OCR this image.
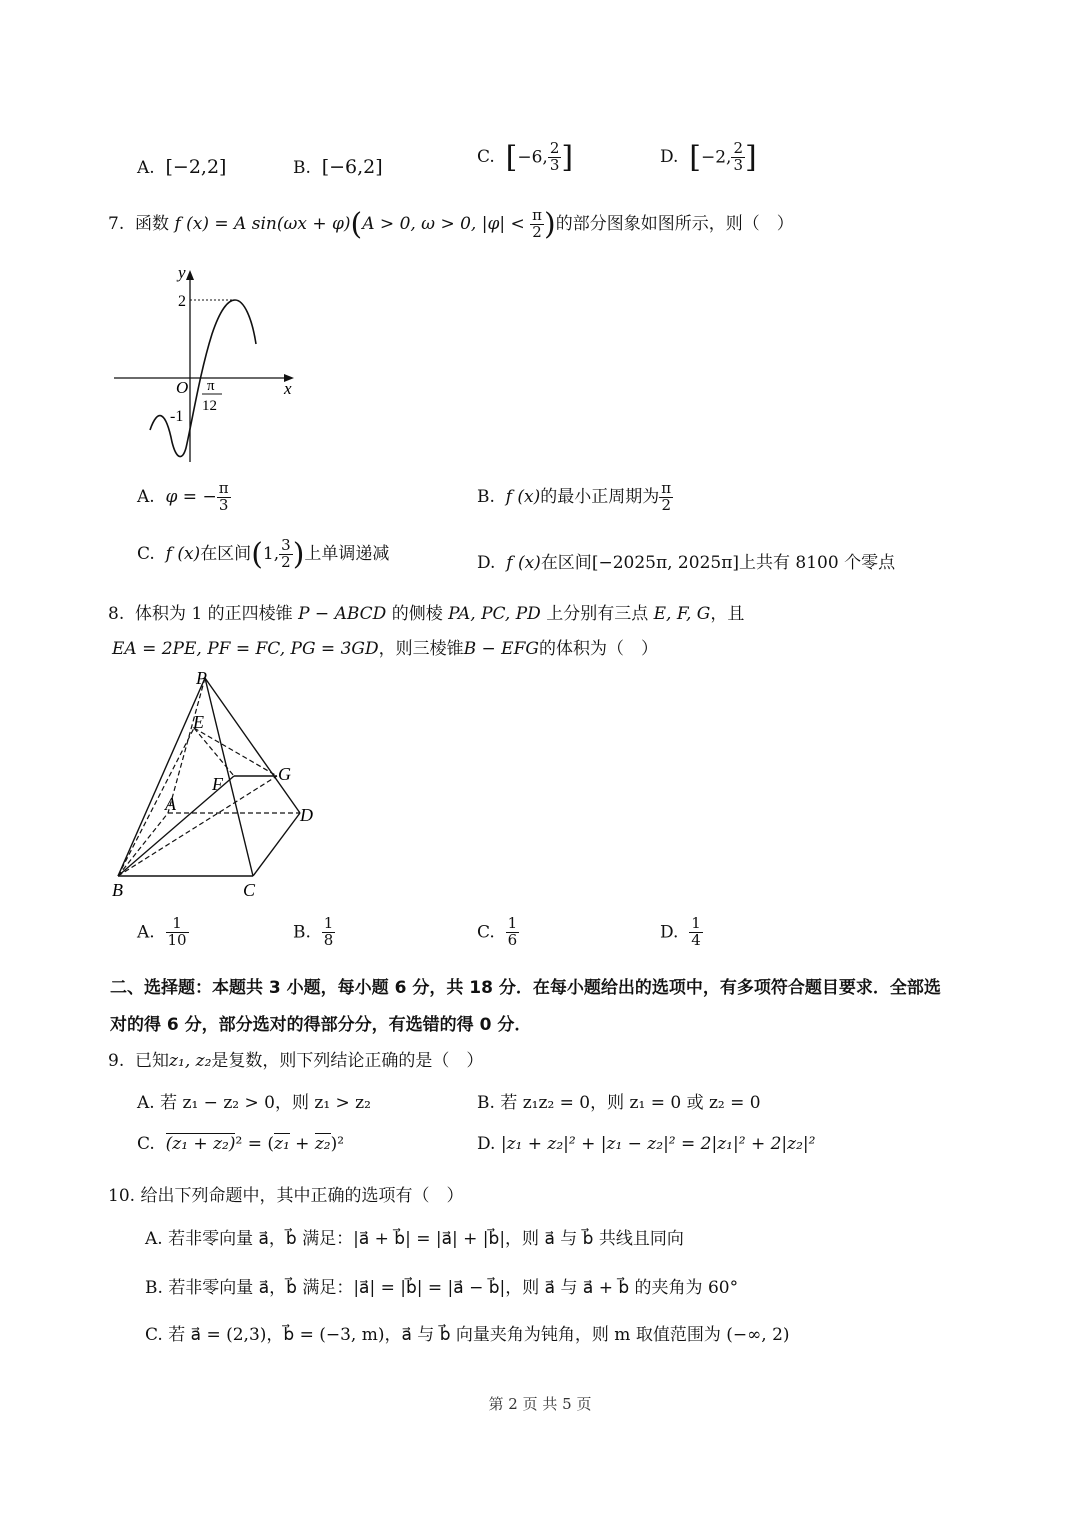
A. [−2,2]	B. [−6,2]	C. [−6, $\frac{2}{3}$ ]	D. [−2, $\frac{2}{3}$ ]
7. 函数 f (x) = A sin(ωx + φ)(A > 0, ω > 0, $|\varphi| < \frac{\pi}{2}$ )的部分图象如图所示，则（　）
y
x
O
2
-1
π
12
A. φ = − $\frac{\pi}{3}$	B. f (x)的最小正周期为 $\frac{\pi}{2}$
C. f (x)在区间(1, $\frac{3}{2}$ )上单调递减	D. f (x)在区间[−2025π, 2025π]上共有 8100 个零点
8. 体积为 1 的正四棱锥 P − ABCD 的侧棱 PA, PC, PD 上分别有三点 E, F, G，且
EA = 2PE, PF = FC, PG = 3GD，则三棱锥B − EFG的体积为（　）
P
E
F	G
A
D
B	C
A. $\frac{1}{10}$	B. $\frac{1}{8}$	C. $\frac{1}{6}$	D. $\frac{1}{4}$
二、选择题：本题共 3 小题，每小题 6 分，共 18 分．在每小题给出的选项中，有多项符合题目要求．全部选
对的得 6 分，部分选对的得部分分，有选错的得 0 分．
9. 已知z₁, z₂是复数，则下列结论正确的是（　）
A. 若 z₁ − z₂ > 0，则 z₁ > z₂	B. 若 z₁z₂ = 0，则 z₁ = 0 或 z₂ = 0
C. (z₁ + z₂)² = (z₁ + z₂)²	D. |z₁ + z₂|² + |z₁ − z₂|² = 2|z₁|² + 2|z₂|²
10. 给出下列命题中，其中正确的选项有（　）
A. 若非零向量 a⃗，b⃗ 满足：|a⃗ + b⃗| = |a⃗| + |b⃗|，则 a⃗ 与 b⃗ 共线且同向
B. 若非零向量 a⃗，b⃗ 满足：|a⃗| = |b⃗| = |a⃗ − b⃗|，则 a⃗ 与 a⃗ + b⃗ 的夹角为 60°
C. 若 a⃗ = (2,3)，b⃗ = (−3, m)，a⃗ 与 b⃗ 向量夹角为钝角，则 m 取值范围为 (−∞, 2)
第 2 页 共 5 页
